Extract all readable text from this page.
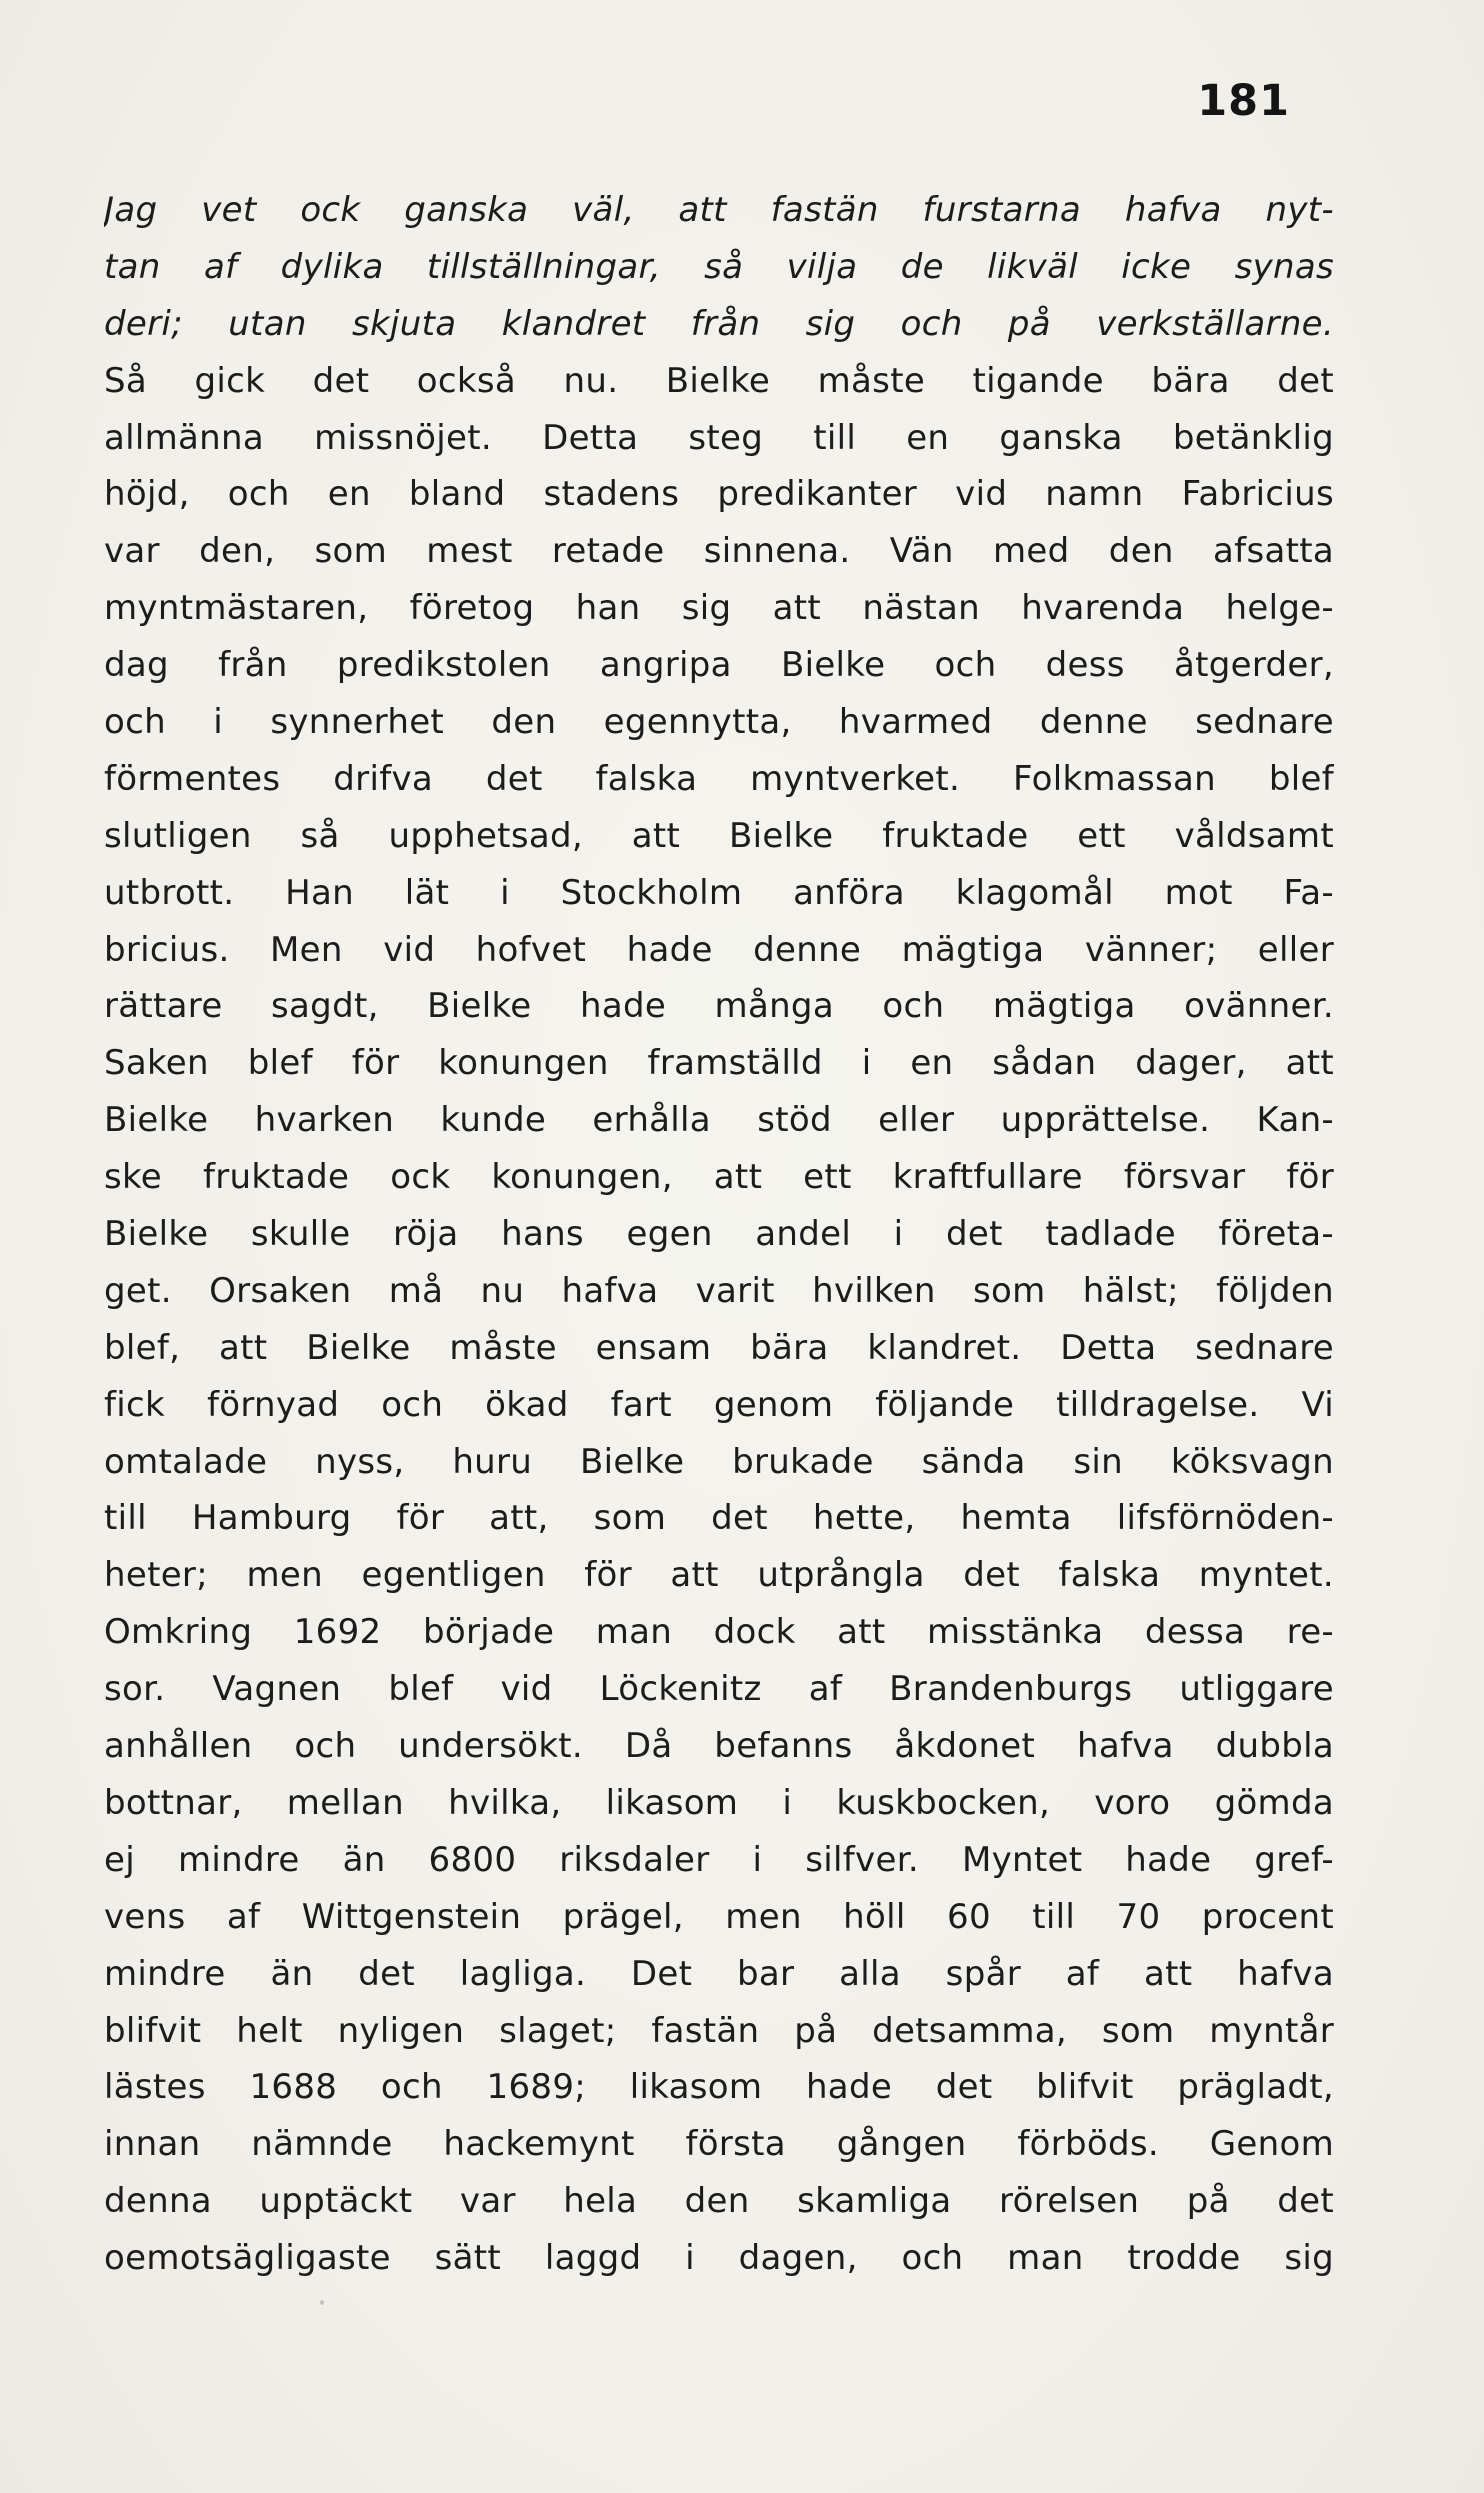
181
Jag vet ock ganska väl, att fastän furstarna hafva nyt-
tan af dylika tillställningar, så vilja de likväl icke synas
deri; utan skjuta klandret från sig och på verkställarne.
Så gick det också nu. Bielke måste tigande bära det
allmänna missnöjet. Detta steg till en ganska betänklig
höjd, och en bland stadens predikanter vid namn Fabricius
var den, som mest retade sinnena. Vän med den afsatta
myntmästaren, företog han sig att nästan hvarenda helge-
dag från predikstolen angripa Bielke och dess åtgerder,
och i synnerhet den egennytta, hvarmed denne sednare
förmentes drifva det falska myntverket. Folkmassan blef
slutligen så upphetsad, att Bielke fruktade ett våldsamt
utbrott. Han lät i Stockholm anföra klagomål mot Fa-
bricius. Men vid hofvet hade denne mägtiga vänner; eller
rättare sagdt, Bielke hade många och mägtiga ovänner.
Saken blef för konungen framställd i en sådan dager, att
Bielke hvarken kunde erhålla stöd eller upprättelse. Kan-
ske fruktade ock konungen, att ett kraftfullare försvar för
Bielke skulle röja hans egen andel i det tadlade företa-
get. Orsaken må nu hafva varit hvilken som hälst; följden
blef, att Bielke måste ensam bära klandret. Detta sednare
fick förnyad och ökad fart genom följande tilldragelse. Vi
omtalade nyss, huru Bielke brukade sända sin köksvagn
till Hamburg för att, som det hette, hemta lifsförnöden-
heter; men egentligen för att utprångla det falska myntet.
Omkring 1692 började man dock att misstänka dessa re-
sor. Vagnen blef vid Löckenitz af Brandenburgs utliggare
anhållen och undersökt. Då befanns åkdonet hafva dubbla
bottnar, mellan hvilka, likasom i kuskbocken, voro gömda
ej mindre än 6800 riksdaler i silfver. Myntet hade gref-
vens af Wittgenstein prägel, men höll 60 till 70 procent
mindre än det lagliga. Det bar alla spår af att hafva
blifvit helt nyligen slaget; fastän på detsamma, som myntår
lästes 1688 och 1689; likasom hade det blifvit prägladt,
innan nämnde hackemynt första gången förböds. Genom
denna upptäckt var hela den skamliga rörelsen på det
oemotsägligaste sätt laggd i dagen, och man trodde sig
